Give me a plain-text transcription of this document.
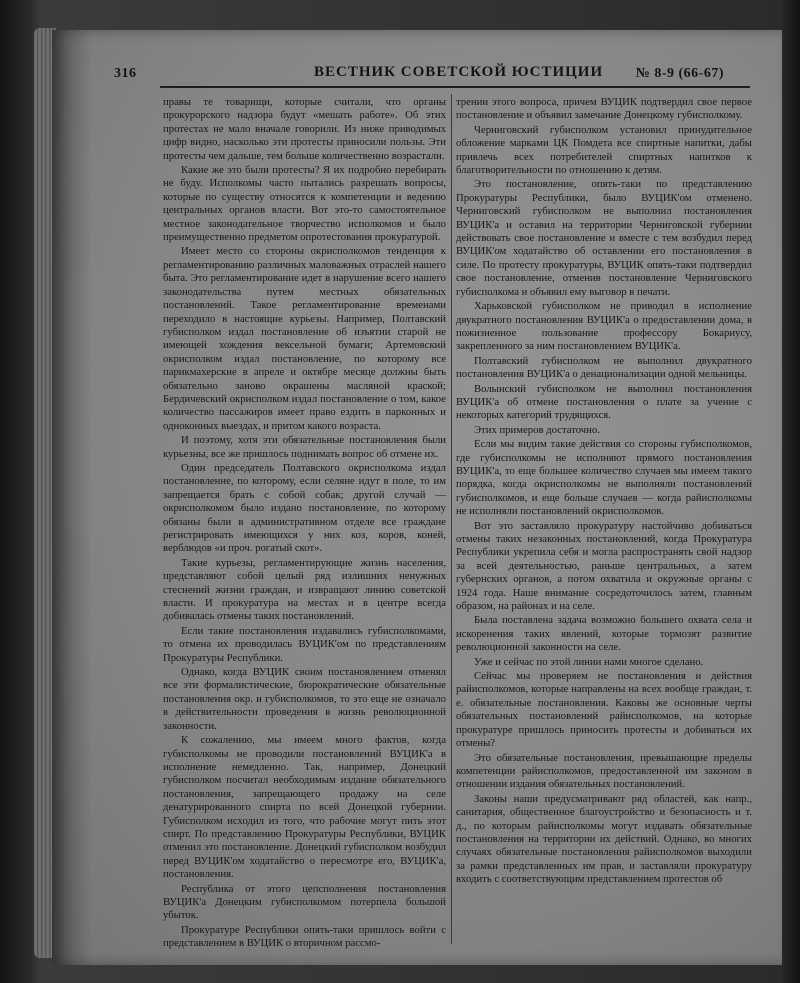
316	ВЕСТНИК СОВЕТСКОЙ ЮСТИЦИИ № 8-9 (66-67)

правы те товарищи, которые считали, что органы прокурорского надзора будут «мешать работе». Об этих протестах не мало вначале говорили. Из ниже приводимых цифр видно, насколько эти протесты приносили пользы. Эти протесты чем дальше, тем больше количественно возрастали.

Какие же это были протесты? Я их подробно перебирать не буду. Исполкомы часто пытались разрешать вопросы, которые по существу относятся к компетенции и ведению центральных органов власти. Вот это-то самостоятельное местное законодательное творчество исполкомов и было преимущественно предметом опротестования прокуратурой.

Имеет место со стороны окрисполкомов тенденция к регламентированию различных маловажных отраслей нашего быта. Это регламентирование идет в нарушение всего нашего законодательства путем местных обязательных постановлений. Такое регламентирование временами переходило в настоящие курьезы. Например, Полтавский губисполком издал постановление об изъятии старой не имеющей хождения вексельной бумаги; Артемовский окрисполком издал постановление, по которому все парикмахерские в апреле и октябре месяце должны быть обязательно заново окрашены масляной краской; Бердичевский окрисполком издал постановление о том, какое количество пассажиров имеет право ездить в парконных и одноконных выездах, и притом какого возраста.

И поэтому, хотя эти обязательные постановления были курьезны, все же пришлось поднимать вопрос об отмене их.

Один председатель Полтавского окрисполкома издал постановление, по которому, если селяне идут в поле, то им запрещается брать с собой собак; другой случай — окрисполкомом было издано постановление, по которому обязаны были в административном отделе все граждане регистрировать имеющихся у них коз, коров, коней, верблюдов «и проч. рогатый скот».

Такие курьезы, регламентирующие жизнь населения, представляют собой целый ряд излишних ненужных стеснений жизни граждан, и извращают линию советской власти. И прокуратура на местах и в центре всегда добивалась отмены таких постановлений.

Если такие постановления издавались губисполкомами, то отмена их проводилась ВУЦИК'ом по представлениям Прокуратуры Республики.

Однако, когда ВУЦИК своим постановлением отменял все эти формалистические, бюрократические обязательные постановления окр. и губисполкомов, то это еще не означало в действительности проведения в жизнь революционной законности.

К сожалению, мы имеем много фактов, когда губисполкомы не проводили постановлений ВУЦИК'а в исполнение немедленно. Так, например, Донецкий губисполком посчитал необходимым издание обязательного постановления, запрещающего продажу на селе денатурированного спирта по всей Донецкой губернии. Губисполком исходил из того, что рабочие могут пить этот спирт. По представлению Прокуратуры Республики, ВУЦИК отменил это постановление. Донецкий губисполком возбудил перед ВУЦИК'ом ходатайство о пересмотре его, ВУЦИК'а, постановления.

Республика от этого цепсполнения постановления ВУЦИК'а Донецким губисполкомом потерпела большой убыток.

Прокуратуре Республики опять-таки пришлось войти с представлением в ВУЦИК о вторичном рассмо-

трении этого вопроса, причем ВУЦИК подтвердил свое первое постановление и объявил замечание Донецкому губисполкому.

Черниговский губисполком установил принудительное обложение марками ЦК Помдета все спиртные напитки, дабы привлечь всех потребителей спиртных напитков к благотворительности по отношению к детям.

Это постановление, опять-таки по представлению Прокуратуры Республики, было ВУЦИК'ом отменено. Черниговский губисполком не выполнил постановления ВУЦИК'а и оставил на территории Черниговской губернии действовать свое постановление и вместе с тем возбудил перед ВУЦИК'ом ходатайство об оставлении его постановления в силе. По протесту прокуратуры, ВУЦИК опять-таки подтвердил свое постановление, отменив постановление Черниговского губисполкома и объявил ему выговор в печати.

Харьковской губисполком не приводил в исполнение двукратного постановления ВУЦИК'а о предоставлении дома, в пожизненное пользование профессору Бокариусу, закрепленного за ним постановлением ВУЦИК'а.

Полтавский губисполком не выполнил двукратного постановления ВУЦИК'а о денационализации одной мельницы.

Волынский губисполком не выполнил постановления ВУЦИК'а об отмене постановления о плате за учение с некоторых категорий трудящихся.

Этих примеров достаточно.

Если мы видим такие действия со стороны губисполкомов, где губисполкомы не исполняют прямого постановления ВУЦИК'а, то еще большее количество случаев мы имеем такого порядка, когда окрисполкомы не выполняли постановлений губисполкомов, и еще больше случаев — когда райисполкомы не исполняли постановлений окрисполкомов.

Вот это заставляло прокуратуру настойчиво добиваться отмены таких незаконных постановлений, когда Прокуратура Республики укрепила себя и могла распространять свой надзор за всей деятельностью, раньше центральных, а затем губернских органов, а потом охватила и окружные органы с 1924 года. Наше внимание сосредоточилось затем, главным образом, на районах и на селе.

Была поставлена задача возможно большего охвата села и искоренения таких явлений, которые тормозят развитие революционной законности на селе.

Уже и сейчас по этой линии нами многое сделано.

Сейчас мы проверяем не постановления и действия райисполкомов, которые направлены на всех вообще граждан, т. е. обязательные постановления. Каковы же основные черты обязательных постановлений райисполкомов, на которые прокуратуре пришлось приносить протесты и добиваться их отмены?

Это обязательные постановления, превышающие пределы компетенции райисполкомов, предоставленной им законом в отношении издания обязательных постановлений.

Законы наши предусматривают ряд областей, как напр., санитария, общественное благоустройство и безопасность и т. д., по которым райисполкомы могут издавать обязательные постановления на территории их действий. Однако, во многих случаях обязательные постановления райисполкомов выходили за рамки представленных им прав, и заставляли прокуратуру входить с соответствующим представлением протестов об
